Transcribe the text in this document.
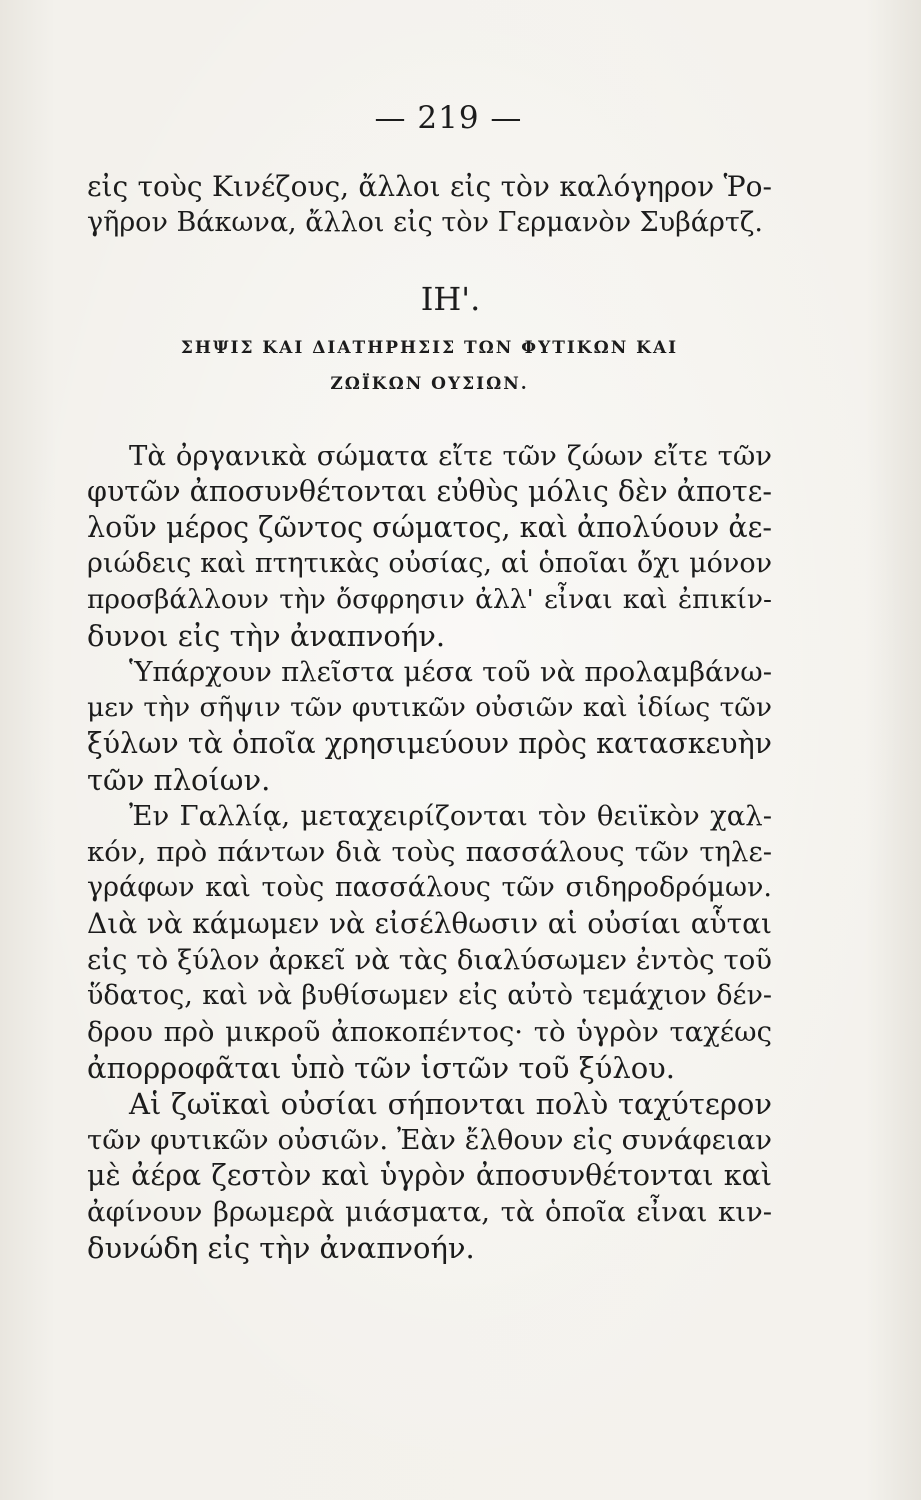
— 219 —
εἰς τοὺς Κινέζους, ἄλλοι εἰς τὸν καλόγηρον Ῥο-
γῆρον Βάκωνα, ἄλλοι εἰς τὸν Γερμανὸν Συβάρτζ.
ΙΗ'.
ΣΗΨΙΣ ΚΑΙ ΔΙΑΤΗΡΗΣΙΣ ΤΩΝ ΦΥΤΙΚΩΝ ΚΑΙ
ΖΩΪΚΩΝ ΟΥΣΙΩΝ.
Τὰ ὀργανικὰ σώματα εἴτε τῶν ζώων εἴτε τῶν
φυτῶν ἀποσυνθέτονται εὐθὺς μόλις δὲν ἀποτε-
λοῦν μέρος ζῶντος σώματος, καὶ ἀπολύουν ἀε-
ριώδεις καὶ πτητικὰς οὐσίας, αἱ ὁποῖαι ὄχι μόνον
προσβάλλουν τὴν ὄσφρησιν ἀλλ' εἶναι καὶ ἐπικίν-
δυνοι εἰς τὴν ἀναπνοήν.
Ὑπάρχουν πλεῖστα μέσα τοῦ νὰ προλαμβάνω-
μεν τὴν σῆψιν τῶν φυτικῶν οὐσιῶν καὶ ἰδίως τῶν
ξύλων τὰ ὁποῖα χρησιμεύουν πρὸς κατασκευὴν
τῶν πλοίων.
Ἐν Γαλλίᾳ, μεταχειρίζονται τὸν θειϊκὸν χαλ-
κόν, πρὸ πάντων διὰ τοὺς πασσάλους τῶν τηλε-
γράφων καὶ τοὺς πασσάλους τῶν σιδηροδρόμων.
Διὰ νὰ κάμωμεν νὰ εἰσέλθωσιν αἱ οὐσίαι αὗται
εἰς τὸ ξύλον ἀρκεῖ νὰ τὰς διαλύσωμεν ἐντὸς τοῦ
ὕδατος, καὶ νὰ βυθίσωμεν εἰς αὐτὸ τεμάχιον δέν-
δρου πρὸ μικροῦ ἀποκοπέντος· τὸ ὑγρὸν ταχέως
ἀπορροφᾶται ὑπὸ τῶν ἱστῶν τοῦ ξύλου.
Αἱ ζωϊκαὶ οὐσίαι σήπονται πολὺ ταχύτερον
τῶν φυτικῶν οὐσιῶν. Ἐὰν ἔλθουν εἰς συνάφειαν
μὲ ἀέρα ζεστὸν καὶ ὑγρὸν ἀποσυνθέτονται καὶ
ἀφίνουν βρωμερὰ μιάσματα, τὰ ὁποῖα εἶναι κιν-
δυνώδη εἰς τὴν ἀναπνοήν.
